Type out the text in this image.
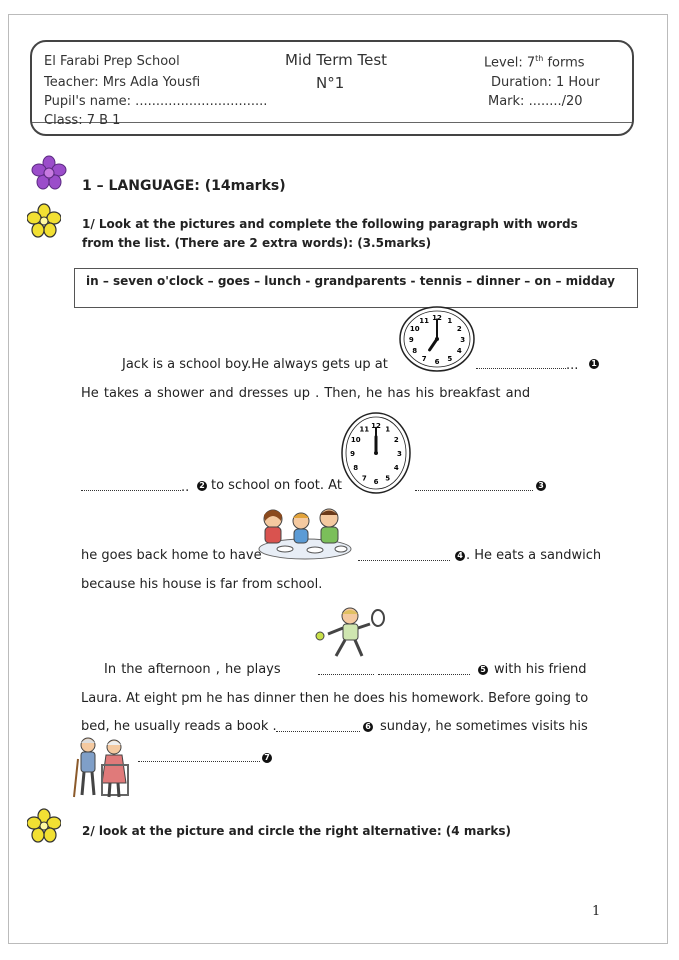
El Farabi Prep School	Mid Term Test	Level: 7th forms
Teacher: Mrs Adla Yousfi	N°1	Duration: 1 Hour
Pupil's name: ................................	Mark: ......../20
Class: 7 B 1
1 – LANGUAGE: (14marks)
1/ Look at the pictures and complete the following paragraph with words
from the list. (There are 2 extra words): (3.5marks)
in – seven o'clock – goes – lunch - grandparents - tennis – dinner – on – midday
12 1
2
3
4
5
6
7
8
9
10
11
Jack is a school boy.He always gets up at	... 1
He takes a shower and dresses up . Then, he has his breakfast and
12 1
2
3
4
5
6
7
8
9
10
11
.. 2 to school on foot. At	3
he goes back home to have	4 . He eats a sandwich
because his house is far from school.
In the afternoon , he plays
	5 with his friend
Laura. At eight pm he has dinner then he does his homework. Before going to
bed, he usually reads a book .	6 sunday, he sometimes visits his
7
2/ look at the picture and circle the right alternative: (4 marks)
1
